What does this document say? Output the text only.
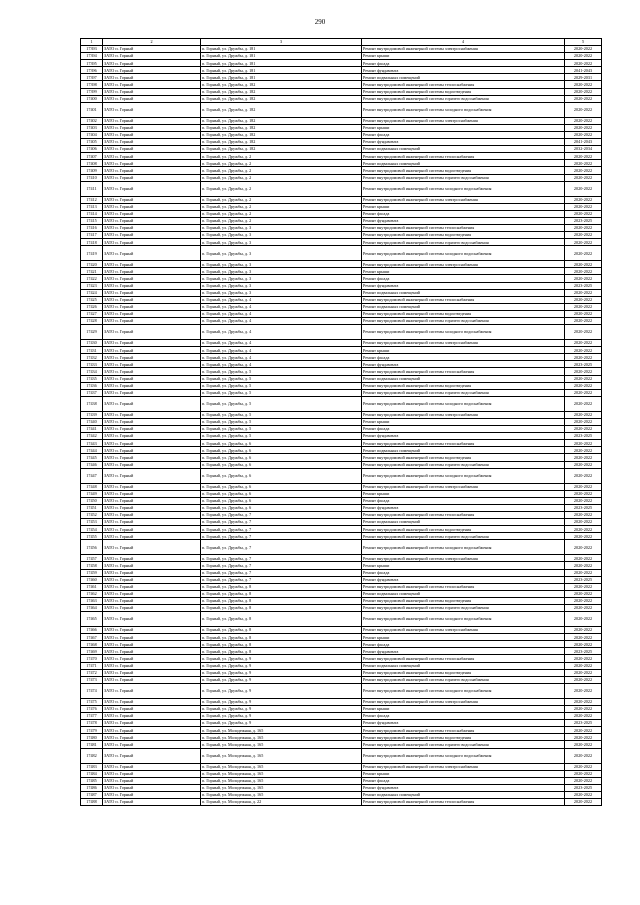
290
1	2	3	4	5
17393	ЗАТО п. Горный	п. Горный, ул. Дружбы, д. 181	Ремонт внутридомовой инженерной системы электроснабжения	2020-2022
17394	ЗАТО п. Горный	п. Горный, ул. Дружбы, д. 181	Ремонт крыши	2020-2022
17395	ЗАТО п. Горный	п. Горный, ул. Дружбы, д. 181	Ремонт фасада	2020-2022
17396	ЗАТО п. Горный	п. Горный, ул. Дружбы, д. 181	Ремонт фундамента	2041-2043
17397	ЗАТО п. Горный	п. Горный, ул. Дружбы, д. 181	Ремонт подвальных помещений	2029-2031
17398	ЗАТО п. Горный	п. Горный, ул. Дружбы, д. 182	Ремонт внутридомовой инженерной системы теплоснабжения	2020-2022
17399	ЗАТО п. Горный	п. Горный, ул. Дружбы, д. 182	Ремонт внутридомовой инженерной системы водоотведения	2020-2022
17400	ЗАТО п. Горный	п. Горный, ул. Дружбы, д. 182	Ремонт внутридомовой инженерной системы горячего водоснабжения	2020-2022
17401	ЗАТО п. Горный	п. Горный, ул. Дружбы, д. 182	Ремонт внутридомовой инженерной системы холодного водоснабжения	2020-2022
17402	ЗАТО п. Горный	п. Горный, ул. Дружбы, д. 182	Ремонт внутридомовой инженерной системы электроснабжения	2020-2022
17403	ЗАТО п. Горный	п. Горный, ул. Дружбы, д. 182	Ремонт крыши	2020-2022
17404	ЗАТО п. Горный	п. Горный, ул. Дружбы, д. 182	Ремонт фасада	2020-2022
17405	ЗАТО п. Горный	п. Горный, ул. Дружбы, д. 182	Ремонт фундамента	2041-2043
17406	ЗАТО п. Горный	п. Горный, ул. Дружбы, д. 182	Ремонт подвальных помещений	2032-2034
17407	ЗАТО п. Горный	п. Горный, ул. Дружбы, д. 2	Ремонт внутридомовой инженерной системы теплоснабжения	2020-2022
17408	ЗАТО п. Горный	п. Горный, ул. Дружбы, д. 2	Ремонт подвальных помещений	2020-2022
17409	ЗАТО п. Горный	п. Горный, ул. Дружбы, д. 2	Ремонт внутридомовой инженерной системы водоотведения	2020-2022
17410	ЗАТО п. Горный	п. Горный, ул. Дружбы, д. 2	Ремонт внутридомовой инженерной системы горячего водоснабжения	2020-2022
17411	ЗАТО п. Горный	п. Горный, ул. Дружбы, д. 2	Ремонт внутридомовой инженерной системы холодного водоснабжения	2020-2022
17412	ЗАТО п. Горный	п. Горный, ул. Дружбы, д. 2	Ремонт внутридомовой инженерной системы электроснабжения	2020-2022
17413	ЗАТО п. Горный	п. Горный, ул. Дружбы, д. 2	Ремонт крыши	2020-2022
17414	ЗАТО п. Горный	п. Горный, ул. Дружбы, д. 2	Ремонт фасада	2020-2022
17415	ЗАТО п. Горный	п. Горный, ул. Дружбы, д. 2	Ремонт фундамента	2023-2025
17416	ЗАТО п. Горный	п. Горный, ул. Дружбы, д. 3	Ремонт внутридомовой инженерной системы теплоснабжения	2020-2022
17417	ЗАТО п. Горный	п. Горный, ул. Дружбы, д. 3	Ремонт внутридомовой инженерной системы водоотведения	2020-2022
17418	ЗАТО п. Горный	п. Горный, ул. Дружбы, д. 3	Ремонт внутридомовой инженерной системы горячего водоснабжения	2020-2022
17419	ЗАТО п. Горный	п. Горный, ул. Дружбы, д. 3	Ремонт внутридомовой инженерной системы холодного водоснабжения	2020-2022
17420	ЗАТО п. Горный	п. Горный, ул. Дружбы, д. 3	Ремонт внутридомовой инженерной системы электроснабжения	2020-2022
17421	ЗАТО п. Горный	п. Горный, ул. Дружбы, д. 3	Ремонт крыши	2020-2022
17422	ЗАТО п. Горный	п. Горный, ул. Дружбы, д. 3	Ремонт фасада	2020-2022
17423	ЗАТО п. Горный	п. Горный, ул. Дружбы, д. 3	Ремонт фундамента	2023-2025
17424	ЗАТО п. Горный	п. Горный, ул. Дружбы, д. 3	Ремонт подвальных помещений	2020-2022
17425	ЗАТО п. Горный	п. Горный, ул. Дружбы, д. 4	Ремонт внутридомовой инженерной системы теплоснабжения	2020-2022
17426	ЗАТО п. Горный	п. Горный, ул. Дружбы, д. 4	Ремонт подвальных помещений	2020-2022
17427	ЗАТО п. Горный	п. Горный, ул. Дружбы, д. 4	Ремонт внутридомовой инженерной системы водоотведения	2020-2022
17428	ЗАТО п. Горный	п. Горный, ул. Дружбы, д. 4	Ремонт внутридомовой инженерной системы горячего водоснабжения	2020-2022
17429	ЗАТО п. Горный	п. Горный, ул. Дружбы, д. 4	Ремонт внутридомовой инженерной системы холодного водоснабжения	2020-2022
17430	ЗАТО п. Горный	п. Горный, ул. Дружбы, д. 4	Ремонт внутридомовой инженерной системы электроснабжения	2020-2022
17431	ЗАТО п. Горный	п. Горный, ул. Дружбы, д. 4	Ремонт крыши	2020-2022
17432	ЗАТО п. Горный	п. Горный, ул. Дружбы, д. 4	Ремонт фасада	2020-2022
17433	ЗАТО п. Горный	п. Горный, ул. Дружбы, д. 4	Ремонт фундамента	2023-2025
17434	ЗАТО п. Горный	п. Горный, ул. Дружбы, д. 5	Ремонт внутридомовой инженерной системы теплоснабжения	2020-2022
17435	ЗАТО п. Горный	п. Горный, ул. Дружбы, д. 5	Ремонт подвальных помещений	2020-2022
17436	ЗАТО п. Горный	п. Горный, ул. Дружбы, д. 5	Ремонт внутридомовой инженерной системы водоотведения	2020-2022
17437	ЗАТО п. Горный	п. Горный, ул. Дружбы, д. 5	Ремонт внутридомовой инженерной системы горячего водоснабжения	2020-2022
17438	ЗАТО п. Горный	п. Горный, ул. Дружбы, д. 5	Ремонт внутридомовой инженерной системы холодного водоснабжения	2020-2022
17439	ЗАТО п. Горный	п. Горный, ул. Дружбы, д. 5	Ремонт внутридомовой инженерной системы электроснабжения	2020-2022
17440	ЗАТО п. Горный	п. Горный, ул. Дружбы, д. 5	Ремонт крыши	2020-2022
17441	ЗАТО п. Горный	п. Горный, ул. Дружбы, д. 5	Ремонт фасада	2020-2022
17442	ЗАТО п. Горный	п. Горный, ул. Дружбы, д. 5	Ремонт фундамента	2023-2025
17443	ЗАТО п. Горный	п. Горный, ул. Дружбы, д. 6	Ремонт внутридомовой инженерной системы теплоснабжения	2020-2022
17444	ЗАТО п. Горный	п. Горный, ул. Дружбы, д. 6	Ремонт подвальных помещений	2020-2022
17445	ЗАТО п. Горный	п. Горный, ул. Дружбы, д. 6	Ремонт внутридомовой инженерной системы водоотведения	2020-2022
17446	ЗАТО п. Горный	п. Горный, ул. Дружбы, д. 6	Ремонт внутридомовой инженерной системы горячего водоснабжения	2020-2022
17447	ЗАТО п. Горный	п. Горный, ул. Дружбы, д. 6	Ремонт внутридомовой инженерной системы холодного водоснабжения	2020-2022
17448	ЗАТО п. Горный	п. Горный, ул. Дружбы, д. 6	Ремонт внутридомовой инженерной системы электроснабжения	2020-2022
17449	ЗАТО п. Горный	п. Горный, ул. Дружбы, д. 6	Ремонт крыши	2020-2022
17450	ЗАТО п. Горный	п. Горный, ул. Дружбы, д. 6	Ремонт фасада	2020-2022
17451	ЗАТО п. Горный	п. Горный, ул. Дружбы, д. 6	Ремонт фундамента	2023-2025
17452	ЗАТО п. Горный	п. Горный, ул. Дружбы, д. 7	Ремонт внутридомовой инженерной системы теплоснабжения	2020-2022
17453	ЗАТО п. Горный	п. Горный, ул. Дружбы, д. 7	Ремонт подвальных помещений	2020-2022
17454	ЗАТО п. Горный	п. Горный, ул. Дружбы, д. 7	Ремонт внутридомовой инженерной системы водоотведения	2020-2022
17455	ЗАТО п. Горный	п. Горный, ул. Дружбы, д. 7	Ремонт внутридомовой инженерной системы горячего водоснабжения	2020-2022
17456	ЗАТО п. Горный	п. Горный, ул. Дружбы, д. 7	Ремонт внутридомовой инженерной системы холодного водоснабжения	2020-2022
17457	ЗАТО п. Горный	п. Горный, ул. Дружбы, д. 7	Ремонт внутридомовой инженерной системы электроснабжения	2020-2022
17458	ЗАТО п. Горный	п. Горный, ул. Дружбы, д. 7	Ремонт крыши	2020-2022
17459	ЗАТО п. Горный	п. Горный, ул. Дружбы, д. 7	Ремонт фасада	2020-2022
17460	ЗАТО п. Горный	п. Горный, ул. Дружбы, д. 7	Ремонт фундамента	2023-2025
17461	ЗАТО п. Горный	п. Горный, ул. Дружбы, д. 8	Ремонт внутридомовой инженерной системы теплоснабжения	2020-2022
17462	ЗАТО п. Горный	п. Горный, ул. Дружбы, д. 8	Ремонт подвальных помещений	2020-2022
17463	ЗАТО п. Горный	п. Горный, ул. Дружбы, д. 8	Ремонт внутридомовой инженерной системы водоотведения	2020-2022
17464	ЗАТО п. Горный	п. Горный, ул. Дружбы, д. 8	Ремонт внутридомовой инженерной системы горячего водоснабжения	2020-2022
17465	ЗАТО п. Горный	п. Горный, ул. Дружбы, д. 8	Ремонт внутридомовой инженерной системы холодного водоснабжения	2020-2022
17466	ЗАТО п. Горный	п. Горный, ул. Дружбы, д. 8	Ремонт внутридомовой инженерной системы электроснабжения	2020-2022
17467	ЗАТО п. Горный	п. Горный, ул. Дружбы, д. 8	Ремонт крыши	2020-2022
17468	ЗАТО п. Горный	п. Горный, ул. Дружбы, д. 8	Ремонт фасада	2020-2022
17469	ЗАТО п. Горный	п. Горный, ул. Дружбы, д. 8	Ремонт фундамента	2023-2025
17470	ЗАТО п. Горный	п. Горный, ул. Дружбы, д. 9	Ремонт внутридомовой инженерной системы теплоснабжения	2020-2022
17471	ЗАТО п. Горный	п. Горный, ул. Дружбы, д. 9	Ремонт подвальных помещений	2020-2022
17472	ЗАТО п. Горный	п. Горный, ул. Дружбы, д. 9	Ремонт внутридомовой инженерной системы водоотведения	2020-2022
17473	ЗАТО п. Горный	п. Горный, ул. Дружбы, д. 9	Ремонт внутридомовой инженерной системы горячего водоснабжения	2020-2022
17474	ЗАТО п. Горный	п. Горный, ул. Дружбы, д. 9	Ремонт внутридомовой инженерной системы холодного водоснабжения	2020-2022
17475	ЗАТО п. Горный	п. Горный, ул. Дружбы, д. 9	Ремонт внутридомовой инженерной системы электроснабжения	2020-2022
17476	ЗАТО п. Горный	п. Горный, ул. Дружбы, д. 9	Ремонт крыши	2020-2022
17477	ЗАТО п. Горный	п. Горный, ул. Дружбы, д. 9	Ремонт фасада	2020-2022
17478	ЗАТО п. Горный	п. Горный, ул. Дружбы, д. 9	Ремонт фундамента	2023-2025
17479	ЗАТО п. Горный	п. Горный, ул. Молодежная, д. 165	Ремонт внутридомовой инженерной системы теплоснабжения	2020-2022
17480	ЗАТО п. Горный	п. Горный, ул. Молодежная, д. 165	Ремонт внутридомовой инженерной системы водоотведения	2020-2022
17481	ЗАТО п. Горный	п. Горный, ул. Молодежная, д. 165	Ремонт внутридомовой инженерной системы горячего водоснабжения	2020-2022
17482	ЗАТО п. Горный	п. Горный, ул. Молодежная, д. 165	Ремонт внутридомовой инженерной системы холодного водоснабжения	2020-2022
17483	ЗАТО п. Горный	п. Горный, ул. Молодежная, д. 165	Ремонт внутридомовой инженерной системы электроснабжения	2020-2022
17484	ЗАТО п. Горный	п. Горный, ул. Молодежная, д. 165	Ремонт крыши	2020-2022
17485	ЗАТО п. Горный	п. Горный, ул. Молодежная, д. 165	Ремонт фасада	2020-2022
17486	ЗАТО п. Горный	п. Горный, ул. Молодежная, д. 165	Ремонт фундамента	2023-2025
17487	ЗАТО п. Горный	п. Горный, ул. Молодежная, д. 165	Ремонт подвальных помещений	2020-2022
17488	ЗАТО п. Горный	п. Горный, ул. Молодежная, д. 22	Ремонт внутридомовой инженерной системы теплоснабжения	2020-2022
